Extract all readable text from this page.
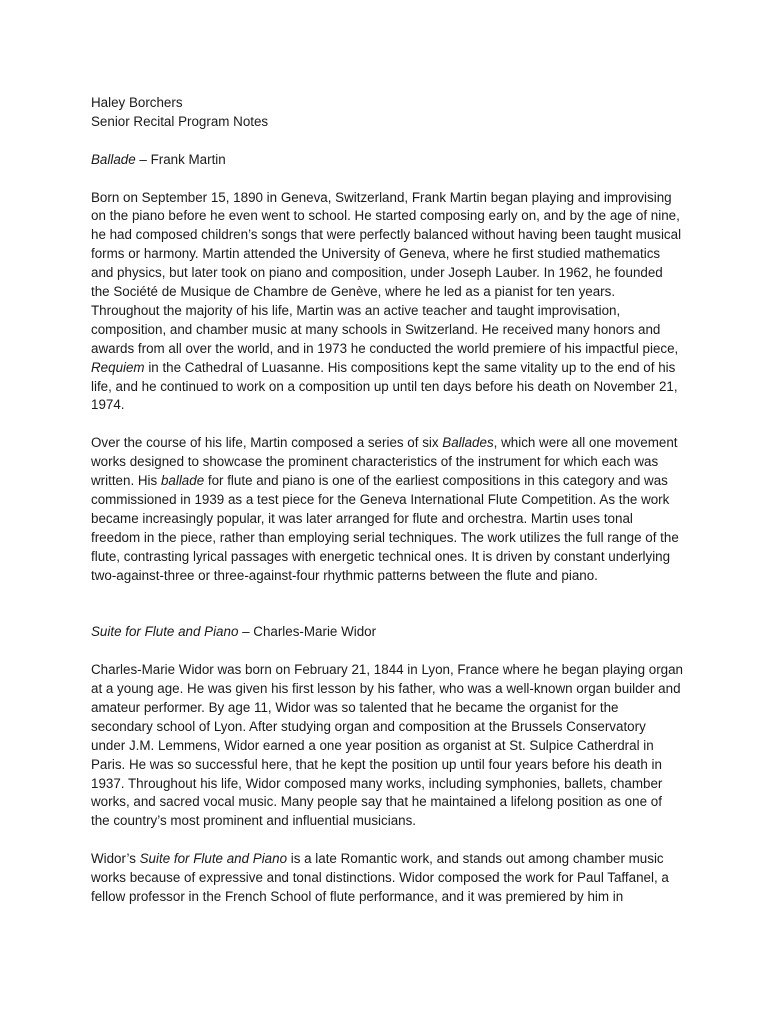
Haley Borchers

Senior Recital Program Notes

Ballade – Frank Martin

Born on September 15, 1890 in Geneva, Switzerland, Frank Martin began playing and improvising on the piano before he even went to school. He started composing early on, and by the age of nine, he had composed children’s songs that were perfectly balanced without having been taught musical forms or harmony. Martin attended the University of Geneva, where he first studied mathematics and physics, but later took on piano and composition, under Joseph Lauber. In 1962, he founded the Société de Musique de Chambre de Genève, where he led as a pianist for ten years. Throughout the majority of his life, Martin was an active teacher and taught improvisation, composition, and chamber music at many schools in Switzerland. He received many honors and awards from all over the world, and in 1973 he conducted the world premiere of his impactful piece, Requiem in the Cathedral of Luasanne. His compositions kept the same vitality up to the end of his life, and he continued to work on a composition up until ten days before his death on November 21, 1974.

Over the course of his life, Martin composed a series of six Ballades, which were all one movement works designed to showcase the prominent characteristics of the instrument for which each was written. His ballade for flute and piano is one of the earliest compositions in this category and was commissioned in 1939 as a test piece for the Geneva International Flute Competition. As the work became increasingly popular, it was later arranged for flute and orchestra. Martin uses tonal freedom in the piece, rather than employing serial techniques. The work utilizes the full range of the flute, contrasting lyrical passages with energetic technical ones. It is driven by constant underlying two-against-three or three-against-four rhythmic patterns between the flute and piano.

Suite for Flute and Piano – Charles-Marie Widor

Charles-Marie Widor was born on February 21, 1844 in Lyon, France where he began playing organ at a young age. He was given his first lesson by his father, who was a well-known organ builder and amateur performer. By age 11, Widor was so talented that he became the organist for the secondary school of Lyon. After studying organ and composition at the Brussels Conservatory under J.M. Lemmens, Widor earned a one year position as organist at St. Sulpice Catherdral in Paris. He was so successful here, that he kept the position up until four years before his death in 1937. Throughout his life, Widor composed many works, including symphonies, ballets, chamber works, and sacred vocal music. Many people say that he maintained a lifelong position as one of the country’s most prominent and influential musicians.

Widor’s Suite for Flute and Piano is a late Romantic work, and stands out among chamber music works because of expressive and tonal distinctions. Widor composed the work for Paul Taffanel, a fellow professor in the French School of flute performance, and it was premiered by him in
